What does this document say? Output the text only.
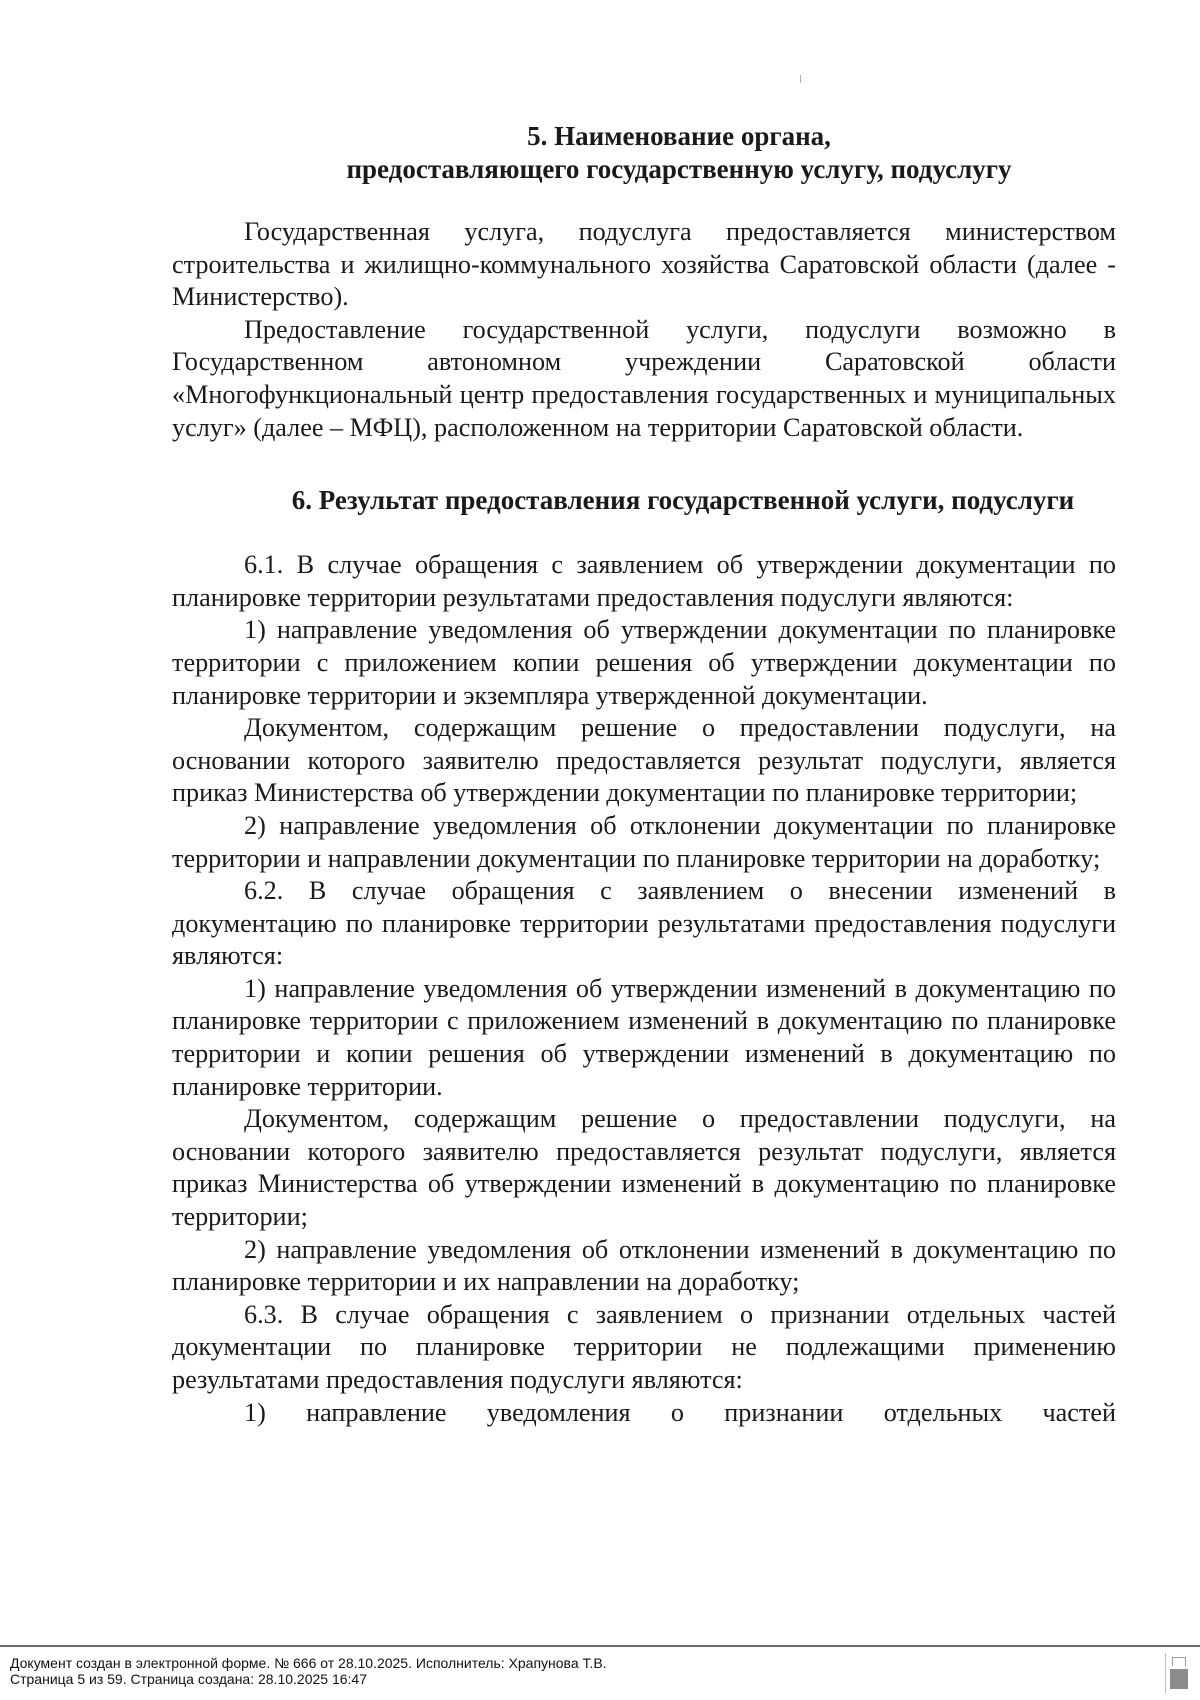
5. Наименование органа,
предоставляющего государственную услугу, подуслугу

Государственная услуга, подуслуга предоставляется министерством строительства и жилищно-коммунального хозяйства Саратовской области (далее - Министерство).

Предоставление государственной услуги, подуслуги возможно в Государственном автономном учреждении Саратовской области «Многофункциональный центр предоставления государственных и муниципальных услуг» (далее – МФЦ), расположенном на территории Саратовской области.

6. Результат предоставления государственной услуги, подуслуги

6.1. В случае обращения с заявлением об утверждении документации по планировке территории результатами предоставления подуслуги являются:

1) направление уведомления об утверждении документации по планировке территории с приложением копии решения об утверждении документации по планировке территории и экземпляра утвержденной документации.

Документом, содержащим решение о предоставлении подуслуги, на основании которого заявителю предоставляется результат подуслуги, является приказ Министерства об утверждении документации по планировке территории;

2) направление уведомления об отклонении документации по планировке территории и направлении документации по планировке территории на доработку;

6.2. В случае обращения с заявлением о внесении изменений в документацию по планировке территории результатами предоставления подуслуги являются:

1) направление уведомления об утверждении изменений в документацию по планировке территории с приложением изменений в документацию по планировке территории и копии решения об утверждении изменений в документацию по планировке территории.

Документом, содержащим решение о предоставлении подуслуги, на основании которого заявителю предоставляется результат подуслуги, является приказ Министерства об утверждении изменений в документацию по планировке территории;

2) направление уведомления об отклонении изменений в документацию по планировке территории и их направлении на доработку;

6.3. В случае обращения с заявлением о признании отдельных частей документации по планировке территории не подлежащими применению результатами предоставления подуслуги являются:

1) направление уведомления о признании отдельных частей

Документ создан в электронной форме. № 666 от 28.10.2025. Исполнитель: Храпунова Т.В.
Страница 5 из 59. Страница создана: 28.10.2025 16:47
